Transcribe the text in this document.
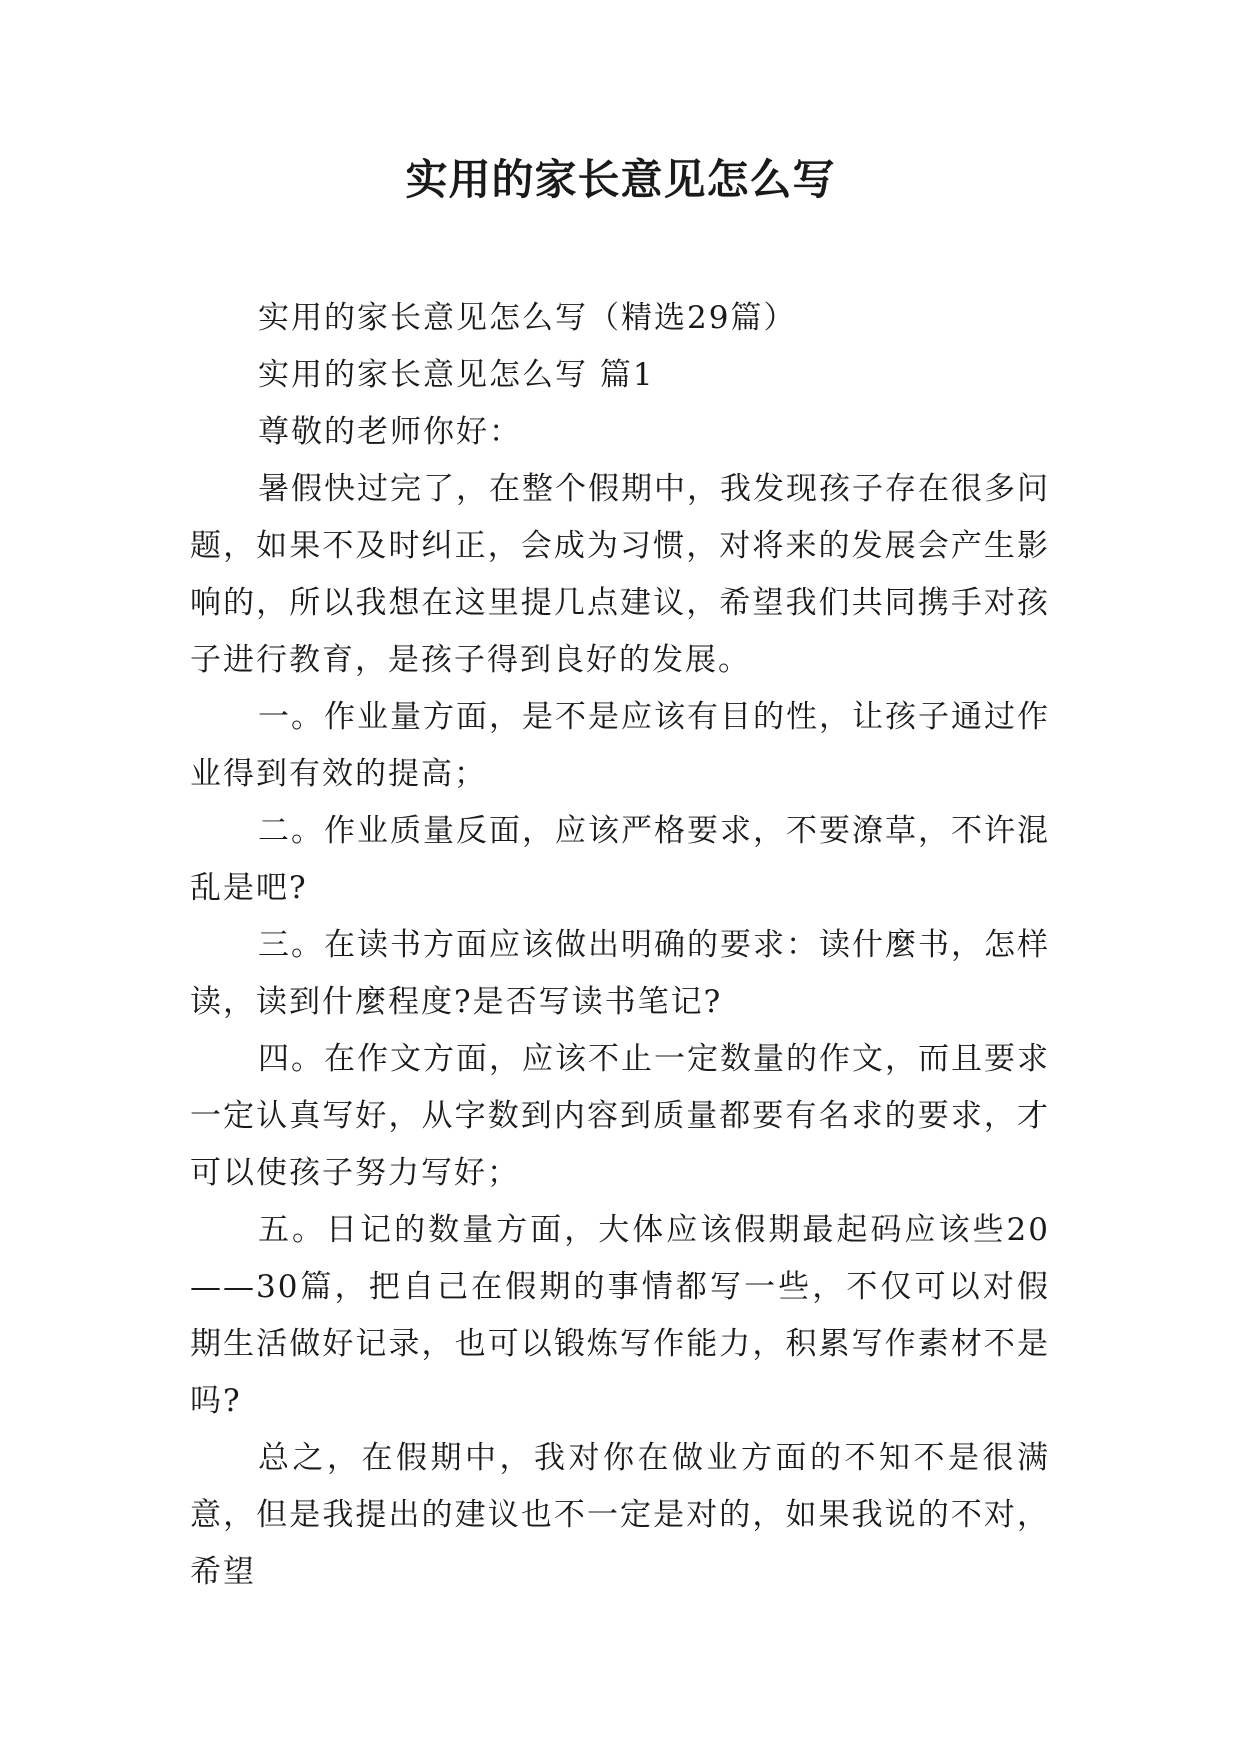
实用的家长意见怎么写

实用的家长意见怎么写（精选29篇）

实用的家长意见怎么写 篇1

尊敬的老师你好：

暑假快过完了，在整个假期中，我发现孩子存在很多问题，如果不及时纠正，会成为习惯，对将来的发展会产生影响的，所以我想在这里提几点建议，希望我们共同携手对孩子进行教育，是孩子得到良好的发展。

一。作业量方面，是不是应该有目的性，让孩子通过作业得到有效的提高；

二。作业质量反面，应该严格要求，不要潦草，不许混乱是吧?

三。在读书方面应该做出明确的要求：读什麼书，怎样读，读到什麼程度?是否写读书笔记?

四。在作文方面，应该不止一定数量的作文，而且要求一定认真写好，从字数到内容到质量都要有名求的要求，才可以使孩子努力写好；

五。日记的数量方面，大体应该假期最起码应该些20——30篇，把自己在假期的事情都写一些，不仅可以对假期生活做好记录，也可以锻炼写作能力，积累写作素材不是吗?

总之，在假期中，我对你在做业方面的不知不是很满意，但是我提出的建议也不一定是对的，如果我说的不对，希望
